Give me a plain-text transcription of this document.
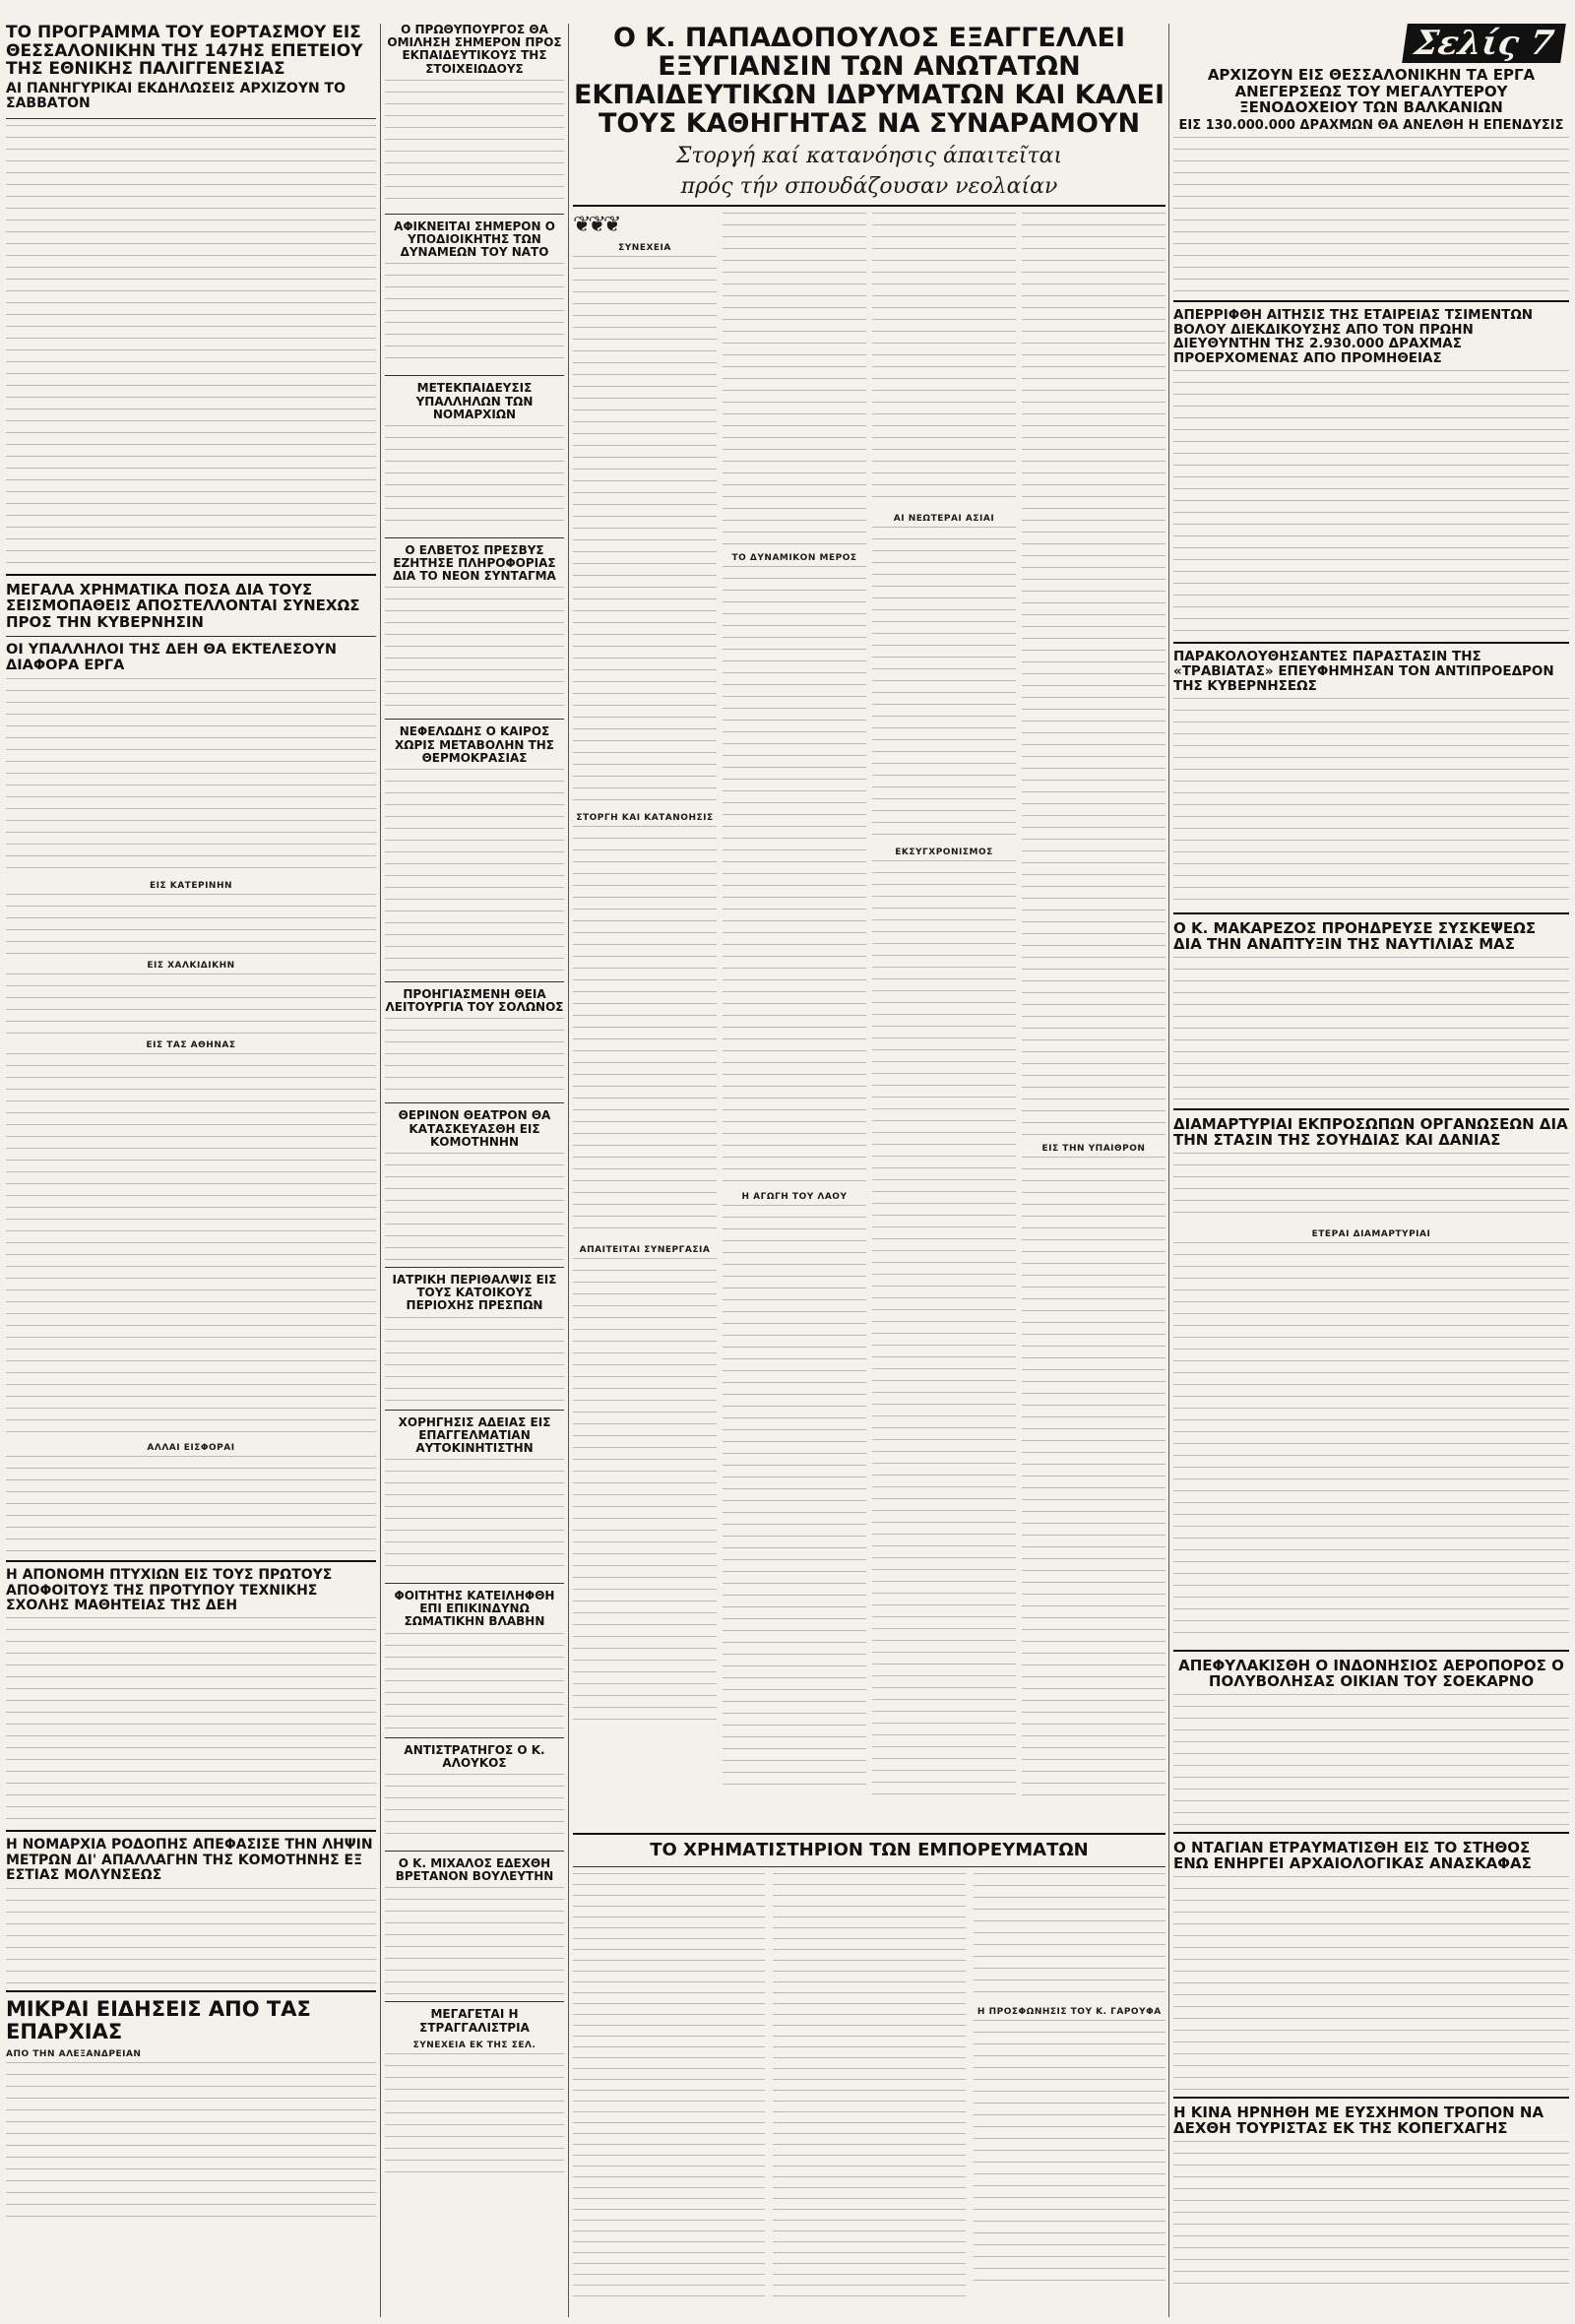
ΤΟ ΠΡΟΓΡΑΜΜΑ ΤΟΥ ΕΟΡΤΑΣΜΟΥ ΕΙΣ ΘΕΣΣΑΛΟΝΙΚΗΝ ΤΗΣ 147ΗΣ ΕΠΕΤΕΙΟΥ ΤΗΣ ΕΘΝΙΚΗΣ ΠΑΛΙΓΓΕΝΕΣΙΑΣ
ΑΙ ΠΑΝΗΓΥΡΙΚΑΙ ΕΚΔΗΛΩΣΕΙΣ ΑΡΧΙΖΟΥΝ ΤΟ ΣΑΒΒΑΤΟΝ
ΜΕΓΑΛΑ ΧΡΗΜΑΤΙΚΑ ΠΟΣΑ ΔΙΑ ΤΟΥΣ ΣΕΙΣΜΟΠΑΘΕΙΣ ΑΠΟΣΤΕΛΛΟΝΤΑΙ ΣΥΝΕΧΩΣ ΠΡΟΣ ΤΗΝ ΚΥΒΕΡΝΗΣΙΝ
ΟΙ ΥΠΑΛΛΗΛΟΙ ΤΗΣ ΔΕΗ ΘΑ ΕΚΤΕΛΕΣΟΥΝ ΔΙΑΦΟΡΑ ΕΡΓΑ
ΕΙΣ ΚΑΤΕΡΙΝΗΝ
ΕΙΣ ΧΑΛΚΙΔΙΚΗΝ
ΕΙΣ ΤΑΣ ΑΘΗΝΑΣ
ΑΛΛΑΙ ΕΙΣΦΟΡΑΙ
Η ΑΠΟΝΟΜΗ ΠΤΥΧΙΩΝ ΕΙΣ ΤΟΥΣ ΠΡΩΤΟΥΣ ΑΠΟΦΟΙΤΟΥΣ ΤΗΣ ΠΡΟΤΥΠΟΥ ΤΕΧΝΙΚΗΣ ΣΧΟΛΗΣ ΜΑΘΗΤΕΙΑΣ ΤΗΣ ΔΕΗ
Η ΝΟΜΑΡΧΙΑ ΡΟΔΟΠΗΣ ΑΠΕΦΑΣΙΣΕ ΤΗΝ ΛΗΨΙΝ ΜΕΤΡΩΝ ΔΙ' ΑΠΑΛΛΑΓΗΝ ΤΗΣ ΚΟΜΟΤΗΝΗΣ ΕΞ ΕΣΤΙΑΣ ΜΟΛΥΝΣΕΩΣ
ΜΙΚΡΑΙ ΕΙΔΗΣΕΙΣ ΑΠΟ ΤΑΣ ΕΠΑΡΧΙΑΣ
ΑΠΟ ΤΗΝ ΑΛΕΞΑΝΔΡΕΙΑΝ
Ο ΠΡΩΘΥΠΟΥΡΓΟΣ ΘΑ ΟΜΙΛΗΣΗ ΣΗΜΕΡΟΝ ΠΡΟΣ ΕΚΠΑΙΔΕΥΤΙΚΟΥΣ ΤΗΣ ΣΤΟΙΧΕΙΩΔΟΥΣ
ΑΦΙΚΝΕΙΤΑΙ ΣΗΜΕΡΟΝ Ο ΥΠΟΔΙΟΙΚΗΤΗΣ ΤΩΝ ΔΥΝΑΜΕΩΝ ΤΟΥ ΝΑΤΟ
ΜΕΤΕΚΠΑΙΔΕΥΣΙΣ ΥΠΑΛΛΗΛΩΝ ΤΩΝ ΝΟΜΑΡΧΙΩΝ
Ο ΕΛΒΕΤΟΣ ΠΡΕΣΒΥΣ ΕΖΗΤΗΣΕ ΠΛΗΡΟΦΟΡΙΑΣ ΔΙΑ ΤΟ ΝΕΟΝ ΣΥΝΤΑΓΜΑ
ΝΕΦΕΛΩΔΗΣ Ο ΚΑΙΡΟΣ ΧΩΡΙΣ ΜΕΤΑΒΟΛΗΝ ΤΗΣ ΘΕΡΜΟΚΡΑΣΙΑΣ
ΠΡΟΗΓΙΑΣΜΕΝΗ ΘΕΙΑ ΛΕΙΤΟΥΡΓΙΑ ΤΟΥ ΣΟΛΩΝΟΣ
ΘΕΡΙΝΟΝ ΘΕΑΤΡΟΝ ΘΑ ΚΑΤΑΣΚΕΥΑΣΘΗ ΕΙΣ ΚΟΜΟΤΗΝΗΝ
ΙΑΤΡΙΚΗ ΠΕΡΙΘΑΛΨΙΣ ΕΙΣ ΤΟΥΣ ΚΑΤΟΙΚΟΥΣ ΠΕΡΙΟΧΗΣ ΠΡΕΣΠΩΝ
ΧΟΡΗΓΗΣΙΣ ΑΔΕΙΑΣ ΕΙΣ ΕΠΑΓΓΕΛΜΑΤΙΑΝ ΑΥΤΟΚΙΝΗΤΙΣΤΗΝ
ΦΟΙΤΗΤΗΣ ΚΑΤΕΙΛΗΦΘΗ ΕΠΙ ΕΠΙΚΙΝΔΥΝΩ ΣΩΜΑΤΙΚΗΝ ΒΛΑΒΗΝ
ΑΝΤΙΣΤΡΑΤΗΓΟΣ Ο Κ. ΑΛΟΥΚΟΣ
Ο Κ. ΜΙΧΑΛΟΣ ΕΔΕΧΘΗ ΒΡΕΤΑΝΟΝ ΒΟΥΛΕΥΤΗΝ
ΜΕΓΑΓΕΤΑΙ Η ΣΤΡΑΓΓΑΛΙΣΤΡΙΑ
ΣΥΝΕΧΕΙΑ ΕΚ ΤΗΣ ΣΕΛ.
Ο Κ. ΠΑΠΑΔΟΠΟΥΛΟΣ ΕΞΑΓΓΕΛΛΕΙ ΕΞΥΓΙΑΝΣΙΝ ΤΩΝ ΑΝΩΤΑΤΩΝ ΕΚΠΑΙΔΕΥΤΙΚΩΝ ΙΔΡΥΜΑΤΩΝ ΚΑΙ ΚΑΛΕΙ ΤΟΥΣ ΚΑΘΗΓΗΤΑΣ ΝΑ ΣΥΝΑΡΑΜΟΥΝ
Στοργή καί κατανόησις άπαιτεῖται
πρός τήν σπουδάζουσαν νεολαίαν
❦❦❦
ΣΥΝΕΧΕΙΑ
ΣΤΟΡΓΗ ΚΑΙ ΚΑΤΑΝΟΗΣΙΣ
ΑΠΑΙΤΕΙΤΑΙ ΣΥΝΕΡΓΑΣΙΑ
ΤΟ ΔΥΝΑΜΙΚΟΝ ΜΕΡΟΣ
Η ΑΓΩΓΗ ΤΟΥ ΛΑΟΥ
ΑΙ ΝΕΩΤΕΡΑΙ ΑΣΙΑΙ
ΕΚΣΥΓΧΡΟΝΙΣΜΟΣ
ΕΙΣ ΤΗΝ ΥΠΑΙΘΡΟΝ
ΤΟ ΧΡΗΜΑΤΙΣΤΗΡΙΟΝ ΤΩΝ ΕΜΠΟΡΕΥΜΑΤΩΝ
Η ΠΡΟΣΦΩΝΗΣΙΣ ΤΟΥ Κ. ΓΑΡΟΥΦΑ
Σελίς 7
ΑΡΧΙΖΟΥΝ ΕΙΣ ΘΕΣΣΑΛΟΝΙΚΗΝ ΤΑ ΕΡΓΑ ΑΝΕΓΕΡΣΕΩΣ ΤΟΥ ΜΕΓΑΛΥΤΕΡΟΥ ΞΕΝΟΔΟΧΕΙΟΥ ΤΩΝ ΒΑΛΚΑΝΙΩΝ
ΕΙΣ 130.000.000 ΔΡΑΧΜΩΝ ΘΑ ΑΝΕΛΘΗ Η ΕΠΕΝΔΥΣΙΣ
ΑΠΕΡΡΙΦΘΗ ΑΙΤΗΣΙΣ ΤΗΣ ΕΤΑΙΡΕΙΑΣ ΤΣΙΜΕΝΤΩΝ ΒΟΛΟΥ ΔΙΕΚΔΙΚΟΥΣΗΣ ΑΠΟ ΤΟΝ ΠΡΩΗΝ ΔΙΕΥΘΥΝΤΗΝ ΤΗΣ 2.930.000 ΔΡΑΧΜΑΣ ΠΡΟΕΡΧΟΜΕΝΑΣ ΑΠΟ ΠΡΟΜΗΘΕΙΑΣ
ΠΑΡΑΚΟΛΟΥΘΗΣΑΝΤΕΣ ΠΑΡΑΣΤΑΣΙΝ ΤΗΣ «ΤΡΑΒΙΑΤΑΣ» ΕΠΕΥΦΗΜΗΣΑΝ ΤΟΝ ΑΝΤΙΠΡΟΕΔΡΟΝ ΤΗΣ ΚΥΒΕΡΝΗΣΕΩΣ
Ο Κ. ΜΑΚΑΡΕΖΟΣ ΠΡΟΗΔΡΕΥΣΕ ΣΥΣΚΕΨΕΩΣ ΔΙΑ ΤΗΝ ΑΝΑΠΤΥΞΙΝ ΤΗΣ ΝΑΥΤΙΛΙΑΣ ΜΑΣ
ΔΙΑΜΑΡΤΥΡΙΑΙ ΕΚΠΡΟΣΩΠΩΝ ΟΡΓΑΝΩΣΕΩΝ ΔΙΑ ΤΗΝ ΣΤΑΣΙΝ ΤΗΣ ΣΟΥΗΔΙΑΣ ΚΑΙ ΔΑΝΙΑΣ
ΕΤΕΡΑΙ ΔΙΑΜΑΡΤΥΡΙΑΙ
ΑΠΕΦΥΛΑΚΙΣΘΗ Ο ΙΝΔΟΝΗΣΙΟΣ ΑΕΡΟΠΟΡΟΣ Ο ΠΟΛΥΒΟΛΗΣΑΣ ΟΙΚΙΑΝ ΤΟΥ ΣΟΕΚΑΡΝΟ
Ο ΝΤΑΓΙΑΝ ΕΤΡΑΥΜΑΤΙΣΘΗ ΕΙΣ ΤΟ ΣΤΗΘΟΣ ΕΝΩ ΕΝΗΡΓΕΙ ΑΡΧΑΙΟΛΟΓΙΚΑΣ ΑΝΑΣΚΑΦΑΣ
Η ΚΙΝΑ ΗΡΝΗΘΗ ΜΕ ΕΥΣΧΗΜΟΝ ΤΡΟΠΟΝ ΝΑ ΔΕΧΘΗ ΤΟΥΡΙΣΤΑΣ ΕΚ ΤΗΣ ΚΟΠΕΓΧΑΓΗΣ
